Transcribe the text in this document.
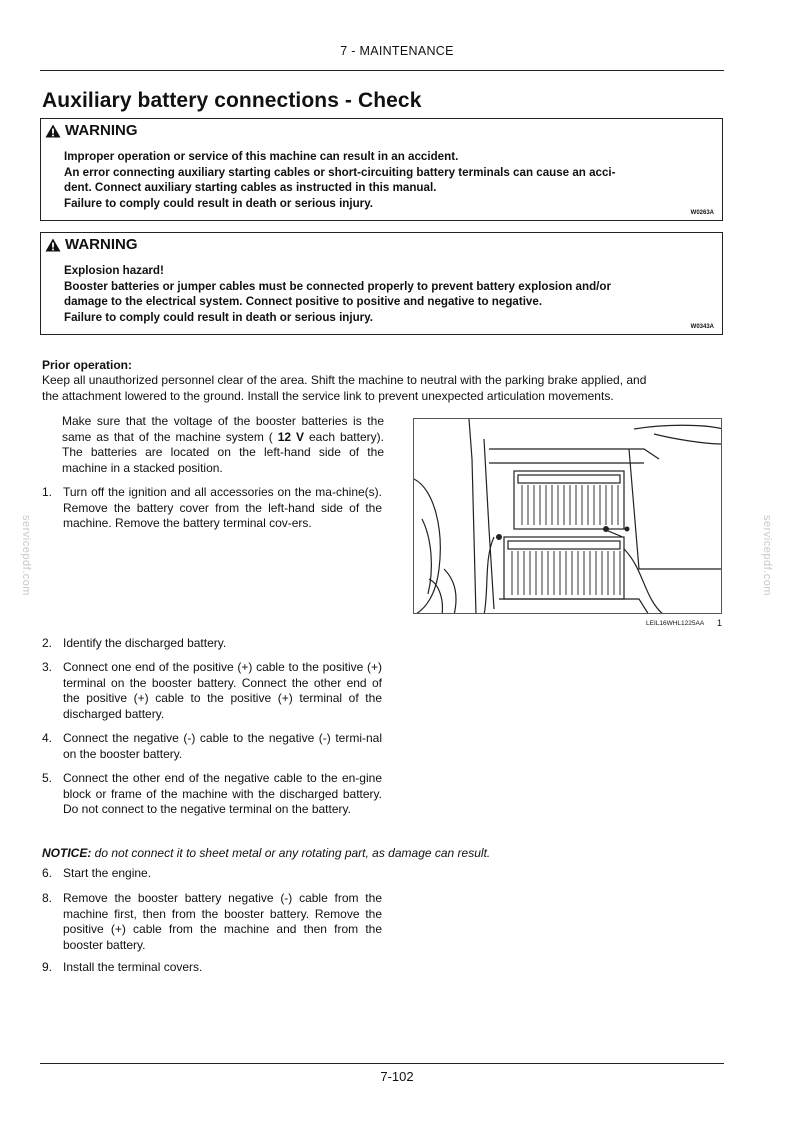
7 - MAINTENANCE
Auxiliary battery connections - Check
WARNING
Improper operation or service of this machine can result in an accident.
An error connecting auxiliary starting cables or short-circuiting battery terminals can cause an acci-
dent. Connect auxiliary starting cables as instructed in this manual.
Failure to comply could result in death or serious injury.
W0263A
WARNING
Explosion hazard!
Booster batteries or jumper cables must be connected properly to prevent battery explosion and/or
damage to the electrical system. Connect positive to positive and negative to negative.
Failure to comply could result in death or serious injury.
W0343A
Prior operation:
Keep all unauthorized personnel clear of the area. Shift the machine to neutral with the parking brake applied, and
the attachment lowered to the ground. Install the service link to prevent unexpected articulation movements.
Make sure that the voltage of the booster batteries is the same as that of the machine system ( 12 V each battery). The batteries are located on the left-hand side of the machine in a stacked position.
1. Turn off the ignition and all accessories on the ma-chine(s). Remove the battery cover from the left-hand side of the machine. Remove the battery terminal cov-ers.
2. Identify the discharged battery.
3. Connect one end of the positive (+) cable to the positive (+) terminal on the booster battery. Connect the other end of the positive (+) cable to the positive (+) terminal of the discharged battery.
4. Connect the negative (-) cable to the negative (-) termi-nal on the booster battery.
5. Connect the other end of the negative cable to the en-gine block or frame of the machine with the discharged battery. Do not connect to the negative terminal on the battery.
NOTICE: do not connect it to sheet metal or any rotating part, as damage can result.
6. Start the engine.
8. Remove the booster battery negative (-) cable from the machine first, then from the booster battery. Remove the positive (+) cable from the machine and then from the booster battery.
9. Install the terminal covers.
LEIL16WHL1225AA 1
servicepdf.com	servicepdf.com
7-102
